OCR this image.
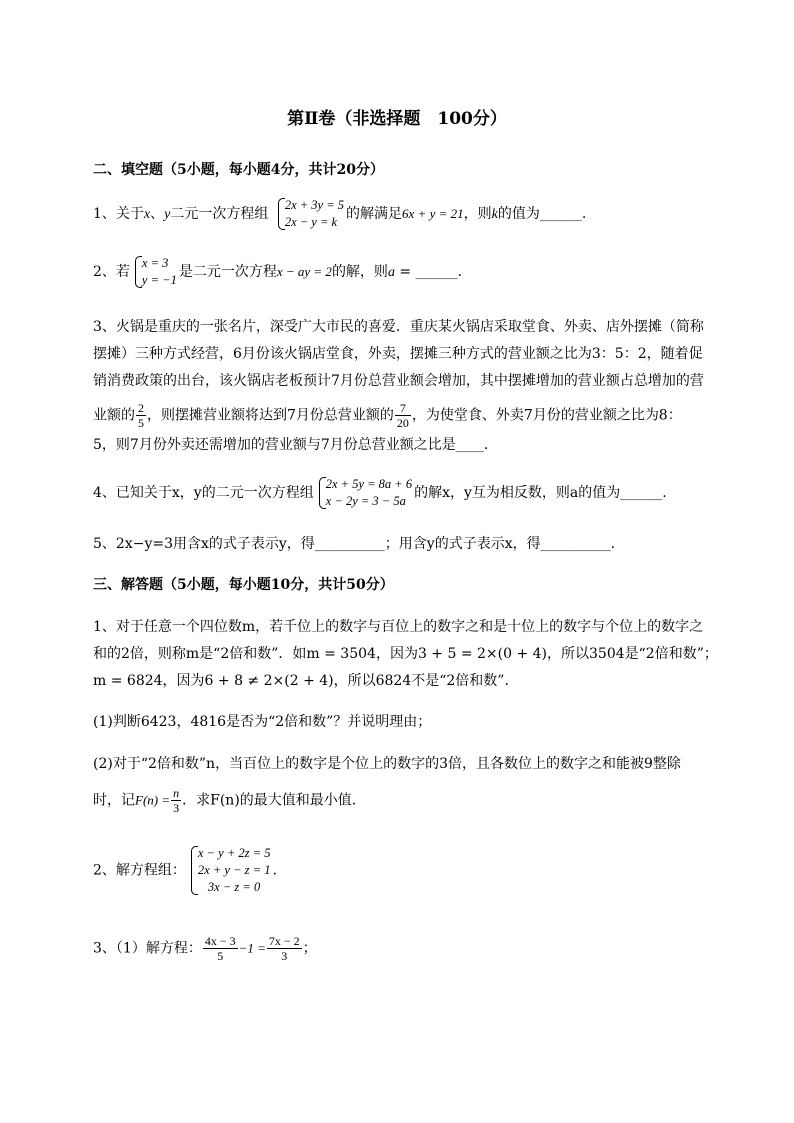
第Ⅱ卷（非选择题　100分）
二、填空题（5小题，每小题4分，共计20分）
1、关于x、y二元一次方程组
2x + 3y = 5
2x − y = k 的解满足6x + y = 21，则k的值为______.
2、若
x = 3
y = −1 是二元一次方程x − ay = 2的解，则a = ______.
3、火锅是重庆的一张名片，深受广大市民的喜爱．重庆某火锅店采取堂食、外卖、店外摆摊（简称
摆摊）三种方式经营，6月份该火锅店堂食，外卖，摆摊三种方式的营业额之比为3：5：2，随着促
销消费政策的出台，该火锅店老板预计7月份总营业额会增加，其中摆摊增加的营业额占总增加的营
业额的 $\frac{2}{5}$ ，则摆摊营业额将达到7月份总营业额的 $\frac{7}{20}$ ，为使堂食、外卖7月份的营业额之比为8：
5，则7月份外卖还需增加的营业额与7月份总营业额之比是____.
4、已知关于x，y的二元一次方程组
2x + 5y = 8a + 6
x − 2y = 3 − 5a 的解x，y互为相反数，则a的值为______.
5、2x−y=3用含x的式子表示y，得__________；用含y的式子表示x，得__________.
三、解答题（5小题，每小题10分，共计50分）
1、对于任意一个四位数m，若千位上的数字与百位上的数字之和是十位上的数字与个位上的数字之
和的2倍，则称m是“2倍和数”．如m = 3504，因为3 + 5 = 2×(0 + 4)，所以3504是“2倍和数”；
m = 6824，因为6 + 8 ≠ 2×(2 + 4)，所以6824不是“2倍和数”.
(1)判断6423，4816是否为“2倍和数”？并说明理由；
(2)对于“2倍和数”n，当百位上的数字是个位上的数字的3倍，且各数位上的数字之和能被9整除
时，记$F(n) = \frac{n}{3}$ ．求F(n)的最大值和最小值.
2、解方程组：
x − y + 2z = 5
2x + y − z = 1
3x − z = 0
.
3、（1）解方程： $\frac{4x - 3}{5} -1 = \frac{7x - 2}{3}$ ；
